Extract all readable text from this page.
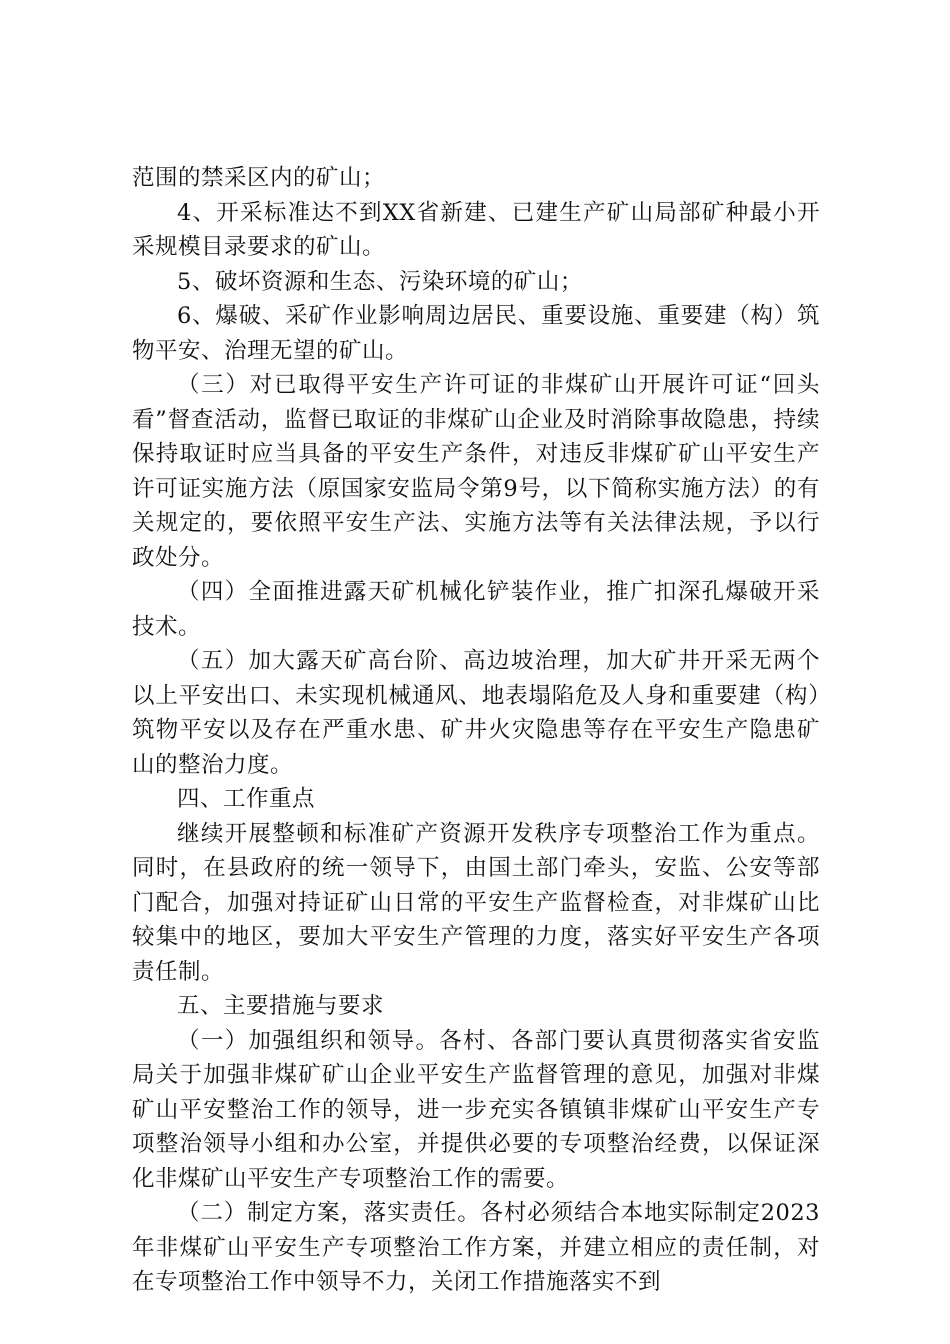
范围的禁采区内的矿山；

4、开采标准达不到XX省新建、已建生产矿山局部矿种最小开采规模目录要求的矿山。

5、破坏资源和生态、污染环境的矿山；

6、爆破、采矿作业影响周边居民、重要设施、重要建（构）筑物平安、治理无望的矿山。

（三）对已取得平安生产许可证的非煤矿山开展许可证“回头看”督查活动，监督已取证的非煤矿山企业及时消除事故隐患，持续保持取证时应当具备的平安生产条件，对违反非煤矿矿山平安生产许可证实施方法（原国家安监局令第9号，以下简称实施方法）的有关规定的，要依照平安生产法、实施方法等有关法律法规，予以行政处分。

（四）全面推进露天矿机械化铲装作业，推广扣深孔爆破开采技术。

（五）加大露天矿高台阶、高边坡治理，加大矿井开采无两个以上平安出口、未实现机械通风、地表塌陷危及人身和重要建（构）筑物平安以及存在严重水患、矿井火灾隐患等存在平安生产隐患矿山的整治力度。

四、工作重点

继续开展整顿和标准矿产资源开发秩序专项整治工作为重点。同时，在县政府的统一领导下，由国土部门牵头，安监、公安等部门配合，加强对持证矿山日常的平安生产监督检查，对非煤矿山比较集中的地区，要加大平安生产管理的力度，落实好平安生产各项责任制。

五、主要措施与要求

（一）加强组织和领导。各村、各部门要认真贯彻落实省安监局关于加强非煤矿矿山企业平安生产监督管理的意见，加强对非煤矿山平安整治工作的领导，进一步充实各镇镇非煤矿山平安生产专项整治领导小组和办公室，并提供必要的专项整治经费，以保证深化非煤矿山平安生产专项整治工作的需要。

（二）制定方案，落实责任。各村必须结合本地实际制定2023年非煤矿山平安生产专项整治工作方案，并建立相应的责任制，对在专项整治工作中领导不力，关闭工作措施落实不到
